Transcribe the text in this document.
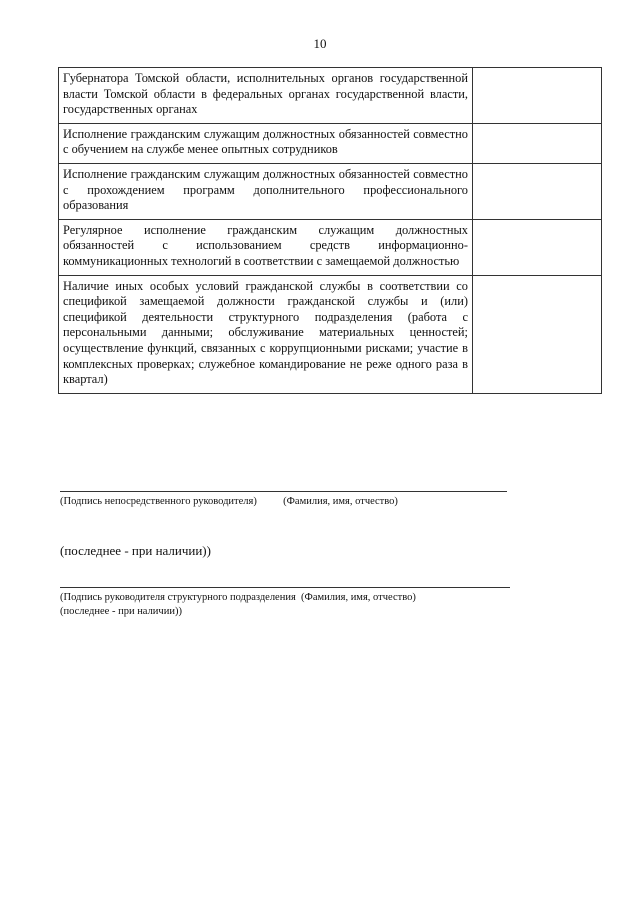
10
Губернатора Томской области, исполнительных органов государственной власти Томской области в федеральных органах государственной власти, государственных органах	
Исполнение гражданским служащим должностных обязанностей совместно с обучением на службе менее опытных сотрудников	
Исполнение гражданским служащим должностных обязанностей совместно с прохождением программ дополнительного профессионального образования	
Регулярное исполнение гражданским служащим должностных обязанностей с использованием средств информационно-коммуникационных технологий в соответствии с замещаемой должностью	
Наличие иных особых условий гражданской службы в соответствии со спецификой замещаемой должности гражданской службы и (или) спецификой деятельности структурного подразделения (работа с персональными данными; обслуживание материальных ценностей; осуществление функций, связанных с коррупционными рисками; участие в комплексных проверках; служебное командирование не реже одного раза в квартал)	
(Подпись непосредственного руководителя)          (Фамилия, имя, отчество)
(последнее - при наличии))
(Подпись руководителя структурного подразделения  (Фамилия, имя, отчество)
(последнее - при наличии))
